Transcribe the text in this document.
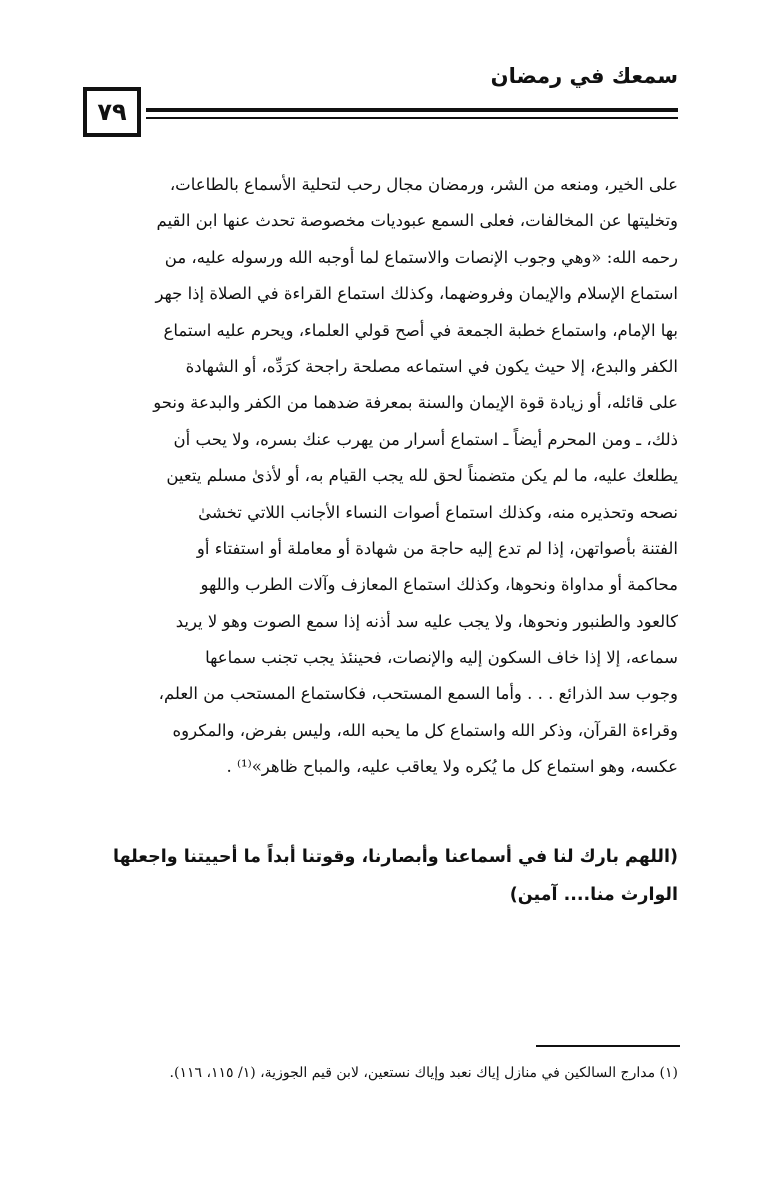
سمعك في رمضان
٧٩
على الخير، ومنعه من الشر، ورمضان مجال رحب لتحلية الأسماع بالطاعات،
وتخليتها عن المخالفات، فعلى السمع عبوديات مخصوصة تحدث عنها ابن القيم
رحمه الله: «وهي وجوب الإنصات والاستماع لما أوجبه الله ورسوله عليه، من
استماع الإسلام والإيمان وفروضهما، وكذلك استماع القراءة في الصلاة إذا جهر
بها الإمام، واستماع خطبة الجمعة في أصح قولي العلماء، ويحرم عليه استماع
الكفر والبدع، إلا حيث يكون في استماعه مصلحة راجحة كرَدِّه، أو الشهادة
على قائله، أو زيادة قوة الإيمان والسنة بمعرفة ضدهما من الكفر والبدعة ونحو
ذلك، ـ ومن المحرم أيضاً ـ استماع أسرار من يهرب عنك بسره، ولا يحب أن
يطلعك عليه، ما لم يكن متضمناً لحق لله يجب القيام به، أو لأذىٰ مسلم يتعين
نصحه وتحذيره منه، وكذلك استماع أصوات النساء الأجانب اللاتي تخشىٰ
الفتنة بأصواتهن، إذا لم تدع إليه حاجة من شهادة أو معاملة أو استفتاء أو
محاكمة أو مداواة ونحوها، وكذلك استماع المعازف وآلات الطرب واللهو
كالعود والطنبور ونحوها، ولا يجب عليه سد أذنه إذا سمع الصوت وهو لا يريد
سماعه، إلا إذا خاف السكون إليه والإنصات، فحينئذ يجب تجنب سماعها
وجوب سد الذرائع . . . وأما السمع المستحب، فكاستماع المستحب من العلم،
وقراءة القرآن، وذكر الله واستماع كل ما يحبه الله، وليس بفرض، والمكروه
عكسه، وهو استماع كل ما يُكره ولا يعاقب عليه، والمباح ظاهر»⁽¹⁾ .
(اللهم بارك لنا في أسماعنا وأبصارنا، وقوتنا أبداً ما أحييتنا واجعلها
الوارث منا.... آمين)
(١) مدارج السالكين في منازل إياك نعبد وإياك نستعين، لابن قيم الجوزية، (١/ ١١٥، ١١٦).
